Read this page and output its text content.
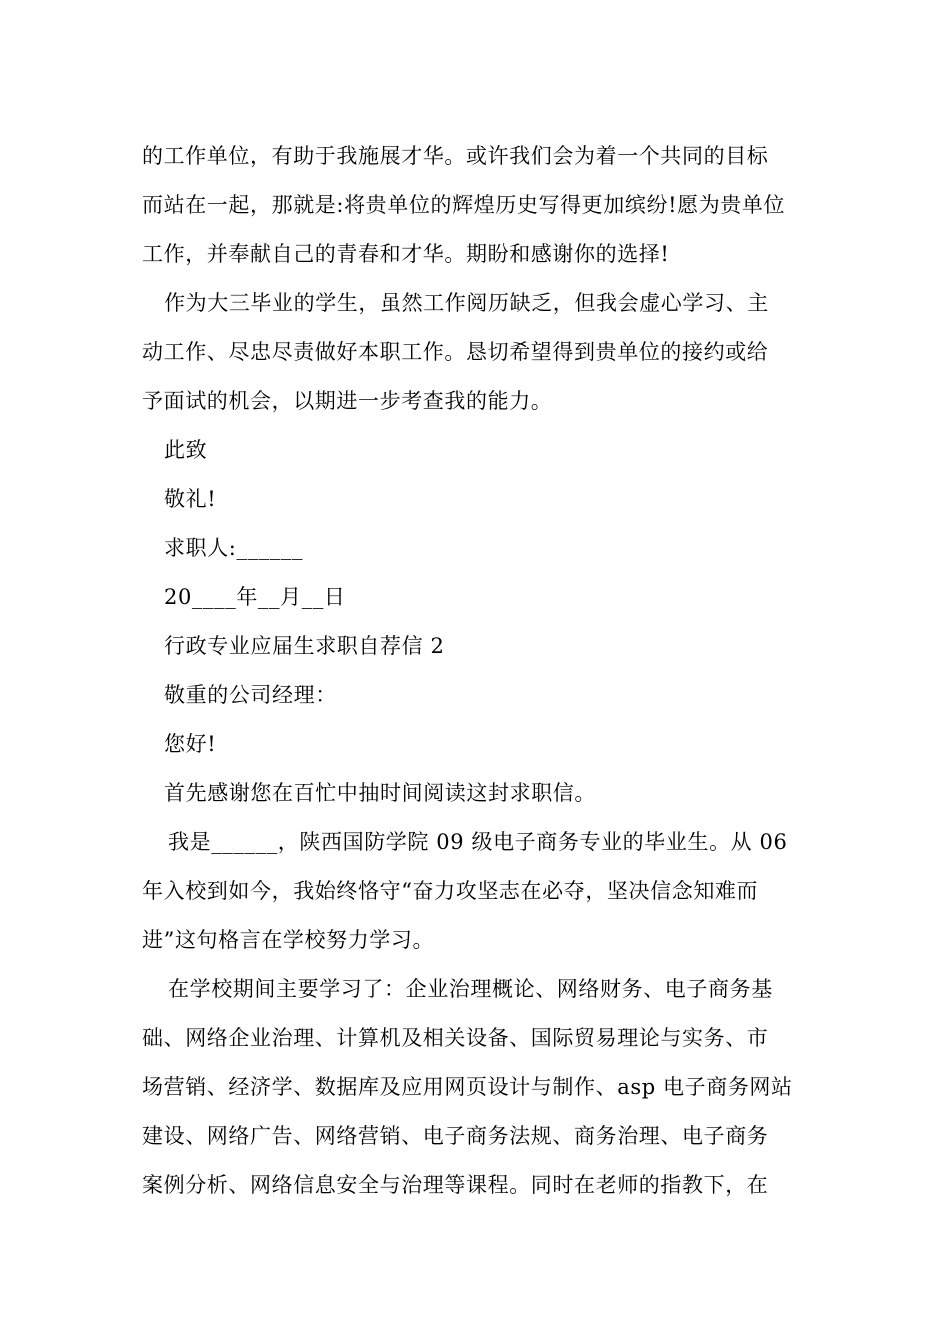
的工作单位，有助于我施展才华。或许我们会为着一个共同的目标
而站在一起，那就是:将贵单位的辉煌历史写得更加缤纷!愿为贵单位
工作，并奉献自己的青春和才华。期盼和感谢你的选择!
作为大三毕业的学生，虽然工作阅历缺乏，但我会虚心学习、主
动工作、尽忠尽责做好本职工作。恳切希望得到贵单位的接约或给
予面试的机会，以期进一步考查我的能力。
此致
敬礼!
求职人:______
20____年__月__日
行政专业应届生求职自荐信 2
敬重的公司经理：
您好!
首先感谢您在百忙中抽时间阅读这封求职信。
我是______，陕西国防学院 09 级电子商务专业的毕业生。从 06
年入校到如今，我始终恪守“奋力攻坚志在必夺，坚决信念知难而
进”这句格言在学校努力学习。
在学校期间主要学习了：企业治理概论、网络财务、电子商务基
础、网络企业治理、计算机及相关设备、国际贸易理论与实务、市
场营销、经济学、数据库及应用网页设计与制作、asp 电子商务网站
建设、网络广告、网络营销、电子商务法规、商务治理、电子商务
案例分析、网络信息安全与治理等课程。同时在老师的指教下，在
